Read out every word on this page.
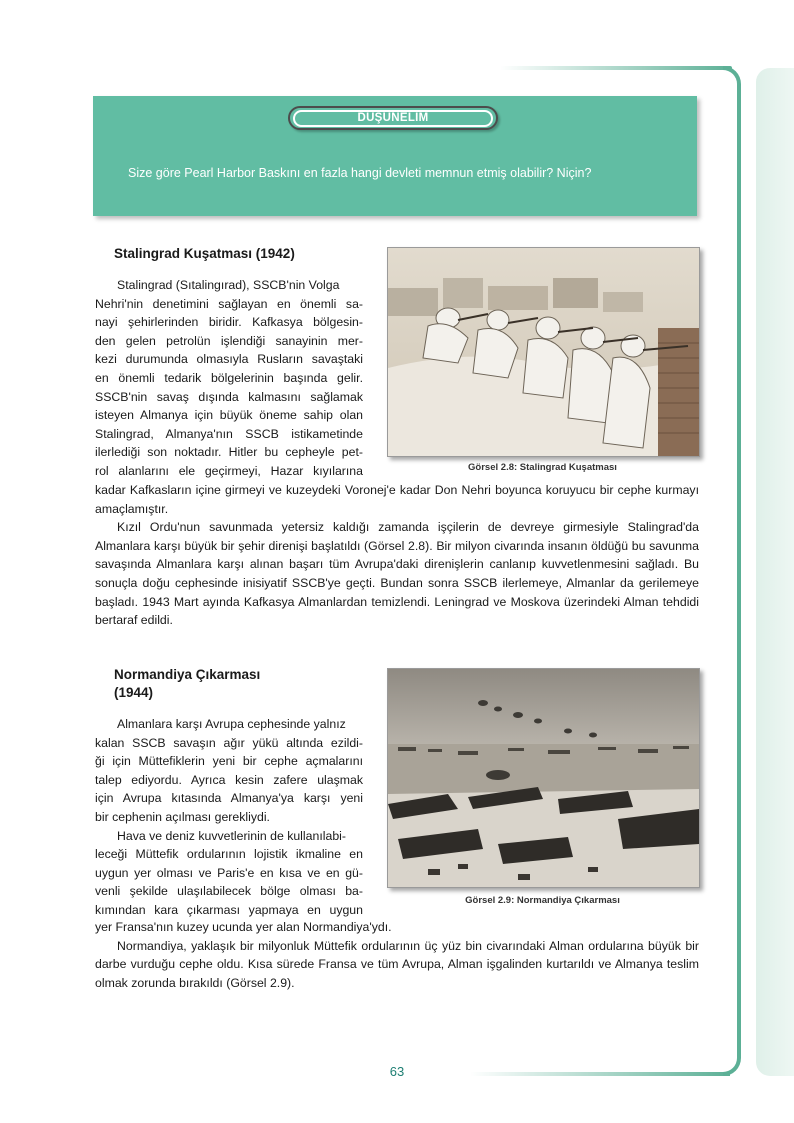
DÜŞÜNELİM
Size göre Pearl Harbor Baskını en fazla hangi devleti memnun etmiş olabilir? Niçin?
Stalingrad Kuşatması (1942)
Stalingrad (Sıtalingırad), SSCB'nin Volga
Nehri'nin denetimini sağlayan en önemli sa-
nayi şehirlerinden biridir. Kafkasya bölgesin-
den gelen petrolün işlendiği sanayinin mer-
kezi durumunda olmasıyla Rusların savaştaki
en önemli tedarik bölgelerinin başında gelir.
SSCB'nin savaş dışında kalmasını sağlamak
isteyen Almanya için büyük öneme sahip olan
Stalingrad, Almanya'nın SSCB istikametinde
ilerlediği son noktadır. Hitler bu cepheyle pet-
rol alanlarını ele geçirmeyi, Hazar kıyılarına	Görsel 2.8: Stalingrad Kuşatması

kadar Kafkasların içine girmeyi ve kuzeydeki Voronej'e kadar Don Nehri boyunca koruyucu bir cephe kurmayı amaçlamıştır.

Kızıl Ordu'nun savunmada yetersiz kaldığı zamanda işçilerin de devreye girmesiyle Stalingrad'da Almanlara karşı büyük bir şehir direnişi başlatıldı (Görsel 2.8). Bir milyon civarında insanın öldüğü bu savunma savaşında Almanlara karşı alınan başarı tüm Avrupa'daki direnişlerin canlanıp kuvvetlenmesini sağladı. Bu sonuçla doğu cephesinde inisiyatif SSCB'ye geçti. Bundan sonra SSCB ilerlemeye, Almanlar da gerilemeye başladı. 1943 Mart ayında Kafkasya Almanlardan temizlendi. Leningrad ve Moskova üzerindeki Alman tehdidi bertaraf edildi.

Normandiya Çıkarması
(1944)
Almanlara karşı Avrupa cephesinde yalnız
kalan SSCB savaşın ağır yükü altında ezildi-
ği için Müttefiklerin yeni bir cephe açmalarını
talep ediyordu. Ayrıca kesin zafere ulaşmak
için Avrupa kıtasında Almanya'ya karşı yeni
bir cephenin açılması gerekliydi.
Hava ve deniz kuvvetlerinin de kullanılabi-
leceği Müttefik ordularının lojistik ikmaline en
uygun yer olması ve Paris'e en kısa ve en gü-
venli şekilde ulaşılabilecek bölge olması ba-
kımından kara çıkarması yapmaya en uygun
Görsel 2.9: Normandiya Çıkarması

yer Fransa'nın kuzey ucunda yer alan Normandiya'ydı.

Normandiya, yaklaşık bir milyonluk Müttefik ordularının üç yüz bin civarındaki Alman ordularına büyük bir darbe vurduğu cephe oldu. Kısa sürede Fransa ve tüm Avrupa, Alman işgalinden kurtarıldı ve Almanya teslim olmak zorunda bırakıldı (Görsel 2.9).

63
